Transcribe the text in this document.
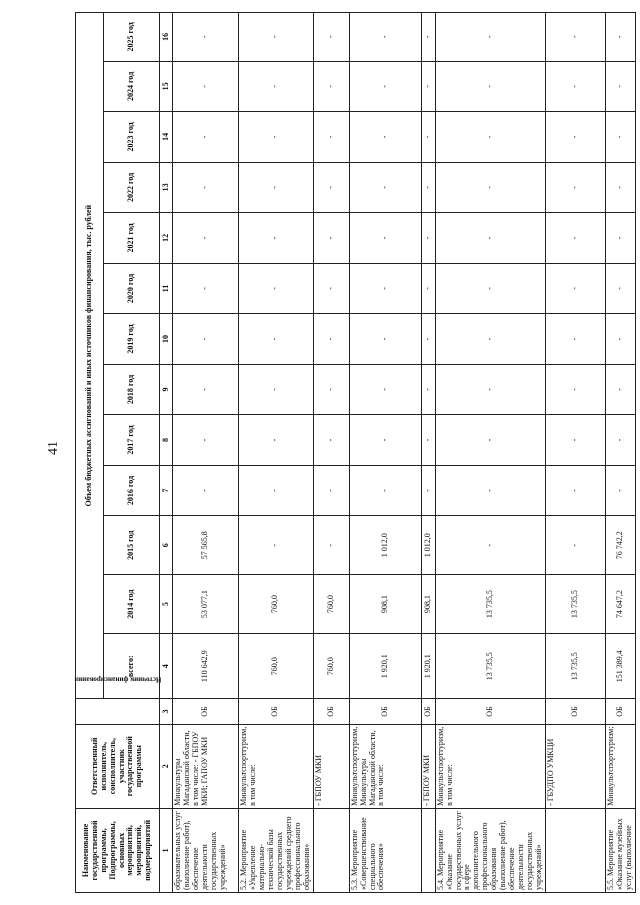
41
Наименование государственной программы, Подпрограммы, основных мероприятий, мероприятий, подмероприятий	Ответственный исполнитель, соисполнитель, участник государственной программы	Источник финансирования	Объем бюджетных ассигнований и иных источников финансирования, тыс. рублей												
			всего:	2014 год	2015 год	2016 год	2017 год	2018 год	2019 год	2020 год	2021 год	2022 год	2023 год	2024 год	2025 год
1	2	3	4	5	6	7	8	9	10	11	12	13	14	15	16
образовательных услуг (выполнение работ), обеспечение деятельности государственных учреждений»	Минкультуры Магаданской области, в том числе: - ГБПОУ МКИ; ГАПОУ МКИ	ОБ	110 642,9	53 077,1	57 565,8	-	-	-	-	-	-	-	-	-	-
5.2. Мероприятие «Укрепление материально-технической базы государственных учреждений среднего профессионального образования»	Минкультспорттуризм, в том числе:	ОБ	760,0	760,0	-	-	-	-	-	-	-	-	-	-	-
	- ГБПОУ МКИ	ОБ	760,0	760,0	-	-	-	-	-	-	-	-	-	-	-
5.3. Мероприятие «Совершенствование специального обеспечения»	Минкультспорттуризм, Минкультуры Магаданской области, в том числе:	ОБ	1 920,1	908,1	1 012,0	-	-	-	-	-	-	-	-	-	-
	- ГБПОУ МКИ	ОБ	1 920,1	908,1	1 012,0	-	-	-	-	-	-	-	-	-	-
5.4. Мероприятие «Оказание государственных услуг в сфере дополнительного профессионального образования (выполнение работ), обеспечение деятельности государственных учреждений»	Минкультспорттуризм, в том числе:	ОБ	13 735,5	13 735,5	-	-	-	-	-	-	-	-	-	-	-
	- ГБУДПО УМКЦИ	ОБ	13 735,5	13 735,5	-	-	-	-	-	-	-	-	-	-	-
5.5. Мероприятие «Оказание музейных услуг (выполнение	Минкультспорттуризм;	ОБ	151 389,4	74 647,2	76 742,2	-	-	-	-	-	-	-	-	-	-
